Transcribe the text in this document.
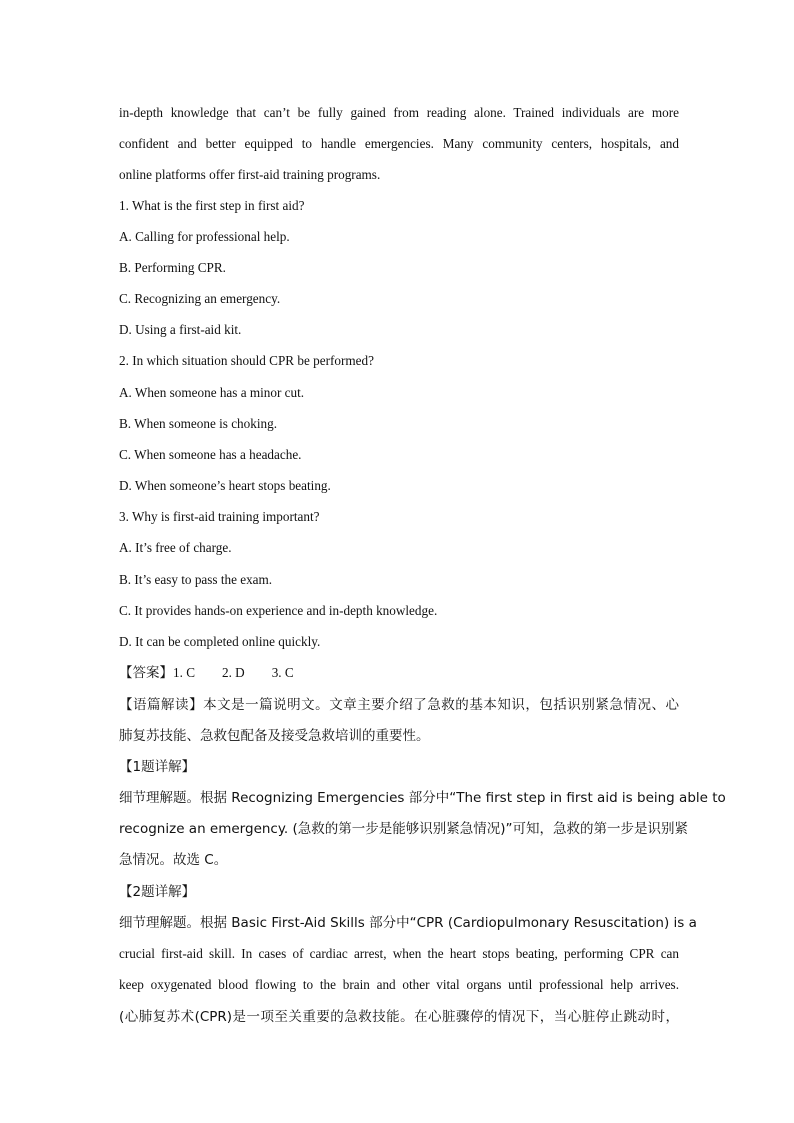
in-depth knowledge that can’t be fully gained from reading alone. Trained individuals are more
confident and better equipped to handle emergencies. Many community centers, hospitals, and
online platforms offer first-aid training programs.
1. What is the first step in first aid?
A. Calling for professional help.
B. Performing CPR.
C. Recognizing an emergency.
D. Using a first-aid kit.
2. In which situation should CPR be performed?
A. When someone has a minor cut.
B. When someone is choking.
C. When someone has a headache.
D. When someone’s heart stops beating.
3. Why is first-aid training important?
A. It’s free of charge.
B. It’s easy to pass the exam.
C. It provides hands-on experience and in-depth knowledge.
D. It can be completed online quickly.
【答案】1. C 2. D 3. C
【语篇解读】本文是一篇说明文。文章主要介绍了急救的基本知识，包括识别紧急情况、心
肺复苏技能、急救包配备及接受急救培训的重要性。
【1题详解】
细节理解题。根据 Recognizing Emergencies 部分中“The first step in first aid is being able to
recognize an emergency. (急救的第一步是能够识别紧急情况)”可知，急救的第一步是识别紧
急情况。故选 C。
【2题详解】
细节理解题。根据 Basic First-Aid Skills 部分中“CPR (Cardiopulmonary Resuscitation) is a
crucial first-aid skill. In cases of cardiac arrest, when the heart stops beating, performing CPR can
keep oxygenated blood flowing to the brain and other vital organs until professional help arrives.
(心肺复苏术(CPR)是一项至关重要的急救技能。在心脏骤停的情况下，当心脏停止跳动时，
